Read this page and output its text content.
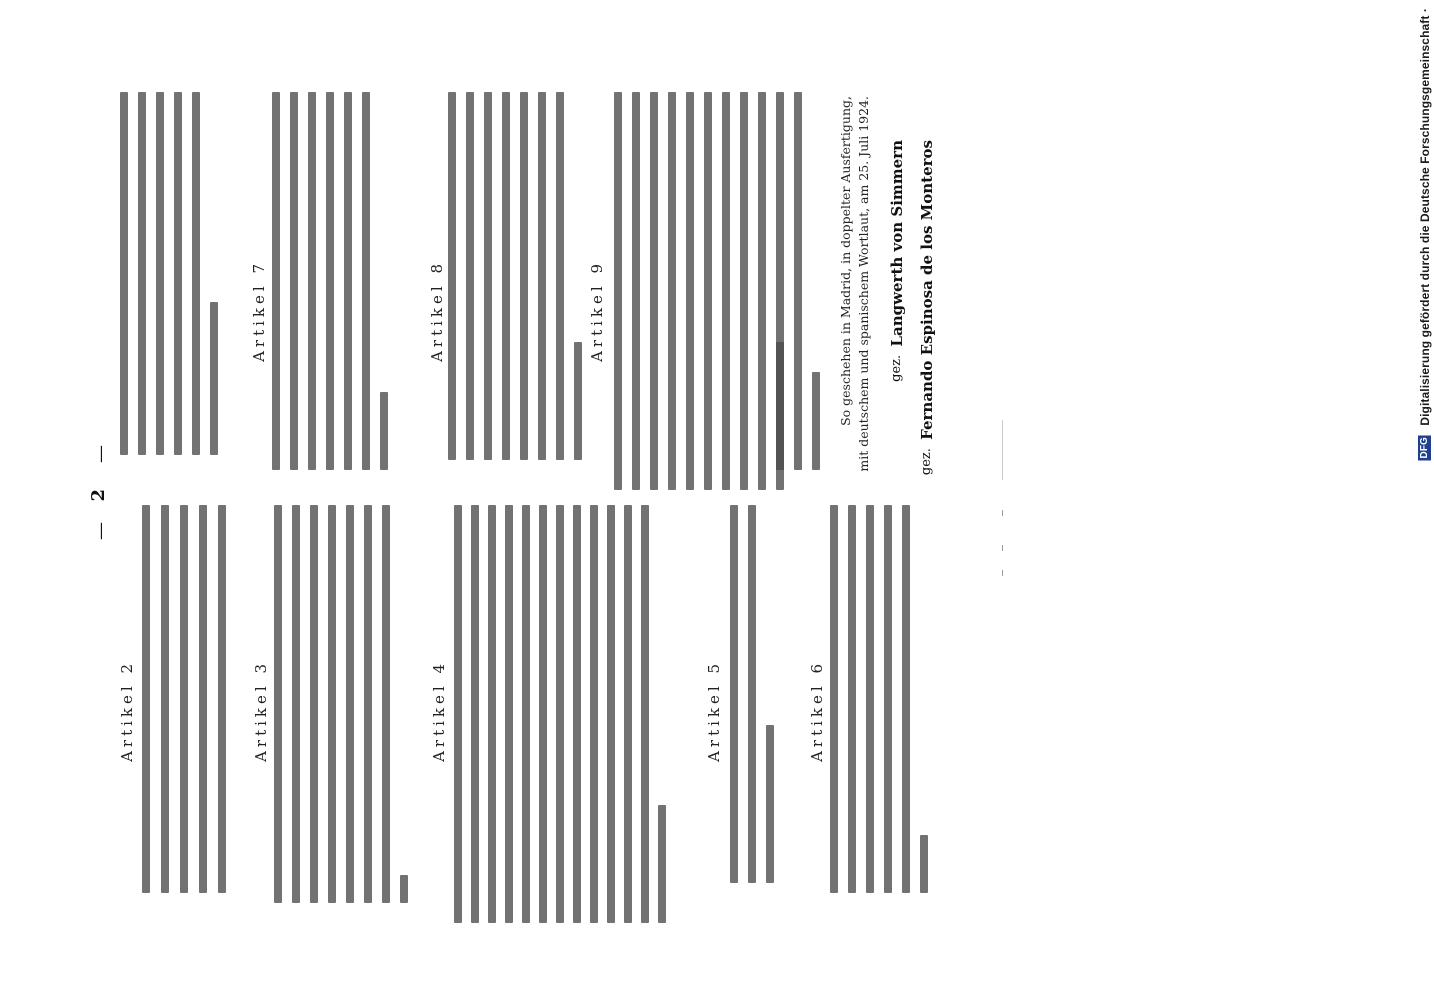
2
—
—
Artikel 2	Artikel 3	Artikel 4	Artikel 5	Artikel 6
Artikel 7	Artikel 8	Artikel 9	So geschehen in Madrid, in doppelter Ausfertigung, mit deutschem und spanischem Wortlaut, am 25. Juli 1924. gez.  Langwerth von Simmern
gez.  Fernando Espinosa de los Monteros
DFG Digitalisierung gefördert durch die Deutsche Forschungsgemeinschaft ·
